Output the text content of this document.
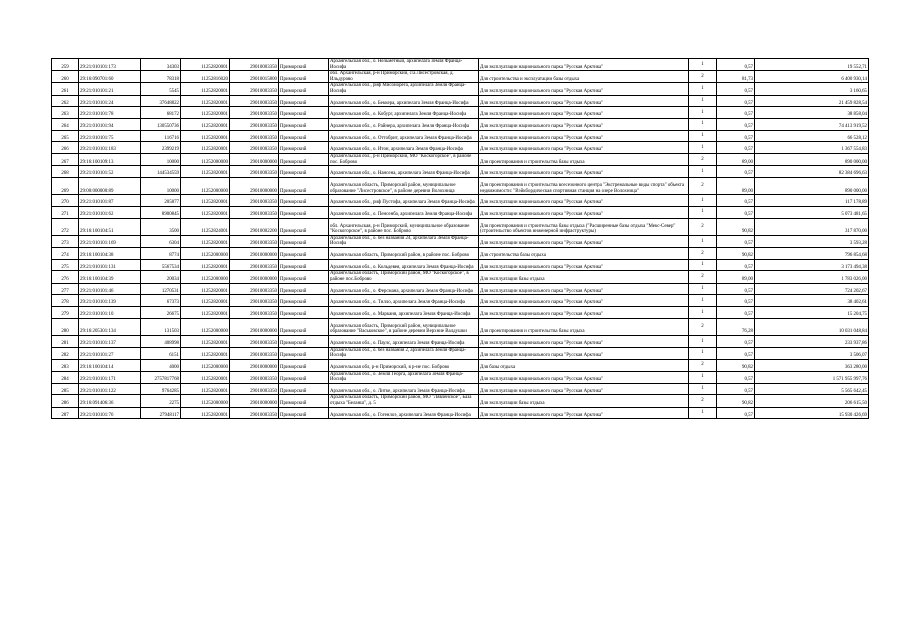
259	29:21:010101:173	34303	11252820001	29010003350	Приморский	Архангельская обл., о. Нельметный, архипелага Земля Франца-Иосифа	Для эксплуатации национального парка "Русская Арктика"	1	0,57	19 552,71
260	29:16:090701:60	78318	11252816020	29010015800	Приморский	обл. Архангельская, р-н Приморский, с/а Лисестровская, д. Ильдурово	Для строительства и эксплуатации базы отдыха	2	81,73	6 400 930,14
261	29:21:010101:21	5545	11252820001	29010003350	Приморский	Архангельская обл., риф Мисонорега, архипелага Земля Франца-Иосифа	Для эксплуатации национального парка "Русская Арктика"	1	0,57	3 160,65
262	29:21:010101:24	37648822	11252820001	29010003350	Приморский	Архангельская обл., о. Беккера, архипелага Земля Франца-Иосифа	Для эксплуатации национального парка "Русская Арктика"	1	0,57	21 459 828,54
263	29:21:010101:78	68172	11252820001	29010003350	Приморский	Архангельская обл., о. Кобург, архипелага Земля Франца-Иосифа	Для эксплуатации национального парка "Русская Арктика"	1	0,57	38 858,04
264	29:21:010101:94	130550736	11252820001	29010003350	Приморский	Архангельская обл., о. Райнера, архипелага Земля Франца-Иосифа	Для эксплуатации национального парка "Русская Арктика"	1	0,57	74 413 919,52
265	29:21:010101:75	116716	11252820001	29010003350	Приморский	Архангельская обл., о. Оттобрит, архипелага Земля Франца-Иосифа	Для эксплуатации национального парка "Русская Арктика"	1	0,57	66 528,12
266	29:21:010101:183	2399219	11252820001	29010003350	Приморский	Архангельская обл., о. Итон, архипелага Земля Франца-Иосифа	Для эксплуатации национального парка "Русская Арктика"	1	0,57	1 367 554,83
267	29:16:100109:13	10000	11252000000	29010000000	Приморский	Архангельская обл., р-н Приморский, МО "Коскогорское", в районе пос. Боброво	Для проектирования и строительства базы отдыха	2	89,00	890 000,00
268	29:21:010101:52	144534559	11252820001	29010003350	Приморский	Архангельская обл., о. Нансена, архипелага Земля Франца-Иосифа	Для эксплуатации национального парка "Русская Арктика"	1	0,57	82 384 696,63
269	29:00:000000:89	10000	11252000000	29010000000	Приморский	Архангельская область, Приморский район, муниципальное образование "Лисестровское", в районе деревни Волохница	Для проектирования и строительства всесезонного центра "Экстремальные виды спорта" объекта недвижимости: "Вэйкбордическая спортивная станция на озере Волохница"	2	89,00	890 000,00
270	29:21:010101:87	205877	11252820001	29010003350	Приморский	Архангельская обл., риф Пустофа, архипелага Земля Франца-Иосифа	Для эксплуатации национального парка "Русская Арктика"	1	0,57	117 178,89
271	29:21:010101:62	8900845	11252820001	29010003350	Приморский	Архангельская обл., о. Пенсенба, архипелага Земля Франца-Иосифа	Для эксплуатации национального парка "Русская Арктика"	1	0,57	5 073 481,65
272	29:16:100104:51	3500	11252824001	29010002200	Приморский	обл. Архангельская, р-н Приморский, муниципальное образование "Коскогорское", в районе пос. Боброво	Для проектирования и строительства базы отдыха ("Расширенные базы отдыха "Мекс-Север" (строительство объектов инженерной инфраструктуры)	2	90,82	317 870,00
273	29:21:010101:169	6304	11252820001	29010003350	Приморский	Архангельская обл., о. без названия 24, архипелага Земля Франца-Иосифа	Для эксплуатации национального парка "Русская Арктика"	1	0,57	3 593,28
274	29:16:100104:38	8774	11252000000	29010000000	Приморский	Архангельская область, Приморский район, в районе пос. Боброво	Для строительства базы отдыха	2	90,82	796 854,68
275	29:21:010101:131	5567534	11252820001	29010003350	Приморский	Архангельская обл., о. Кольдевея, архипелага Земля Франца-Иосифа	Для эксплуатации национального парка "Русская Арктика"	1	0,57	3 173 494,38
276	29:16:100104:39	20034	11252000000	29010000000	Приморский	Архангельская область, Приморский район, МО "Коскогорское", в районе пос.Боброво	Для эксплуатации базы отдыха	2	89,00	1 783 026,00
277	29:21:010101:46	1270531	11252820001	29010003350	Приморский	Архангельская обл., о. Ферсмана, архипелага Земля Франца-Иосифа	Для эксплуатации национального парка "Русская Арктика"	1	0,57	724 202,67
278	29:21:010101:139	67373	11252820001	29010003350	Приморский	Архангельская обл., о. Тилло, архипелага Земля Франца-Иосифа	Для эксплуатации национального парка "Русская Арктика"	1	0,57	38 402,61
279	29:21:010101:10	26675	11252820001	29010003350	Приморский	Архангельская обл., о. Марканя, архипелага Земля Франца-Иосифа	Для эксплуатации национального парка "Русская Арктика"	1	0,57	15 204,75
280	29:16:205301:134	131503	11252000000	29010000000	Приморский	Архангельская область, Приморский район, муниципальное образование "Васьковское", в районе деревни Верхние Валдушки	Для проектирования и строительства базы отдыха	2	76,28	10 031 048,84
281	29:21:010101:137	408998	11252820001	29010003350	Приморский	Архангельская обл., о. Паулс, архипелага Земля Франца-Иосифа	Для эксплуатации национального парка "Русская Арктика"	1	0,57	233 937,86
282	29:21:010101:27	6151	11252820001	29010003350	Приморский	Архангельская обл., о. без названия 2, архипелага Земля Франца-Иосифа	Для эксплуатации национального парка "Русская Арктика"	1	0,57	3 506,07
283	29:16:100104:14	4000	11252000000	29010000000	Приморский	Архангельская обл, р-н Приморский, в р-не пос. Боброво	Для базы отдыха	2	90,82	363 280,00
284	29:21:010101:171	2757817768	11252820001	29010003350	Приморский	Архангельская обл., о. Земля Георга, архипелага Земля Франца-Иосифа	Для эксплуатации национального парка "Русская Арктика"	1	0,57	1 571 955 997,76
285	29:21:010101:122	9764285	11252820001	29010003350	Приморский	Архангельская обл., о. Литке, архипелага Земля Франца-Иосифа	Для эксплуатации национального парка "Русская Арктика"	1	0,57	5 565 642,45
286	29:16:091406:36	2275	11252000000	29010000000	Приморский	Архангельская область, Приморский район, МО "Лявленское", База отдыха "Беланш", д. 5	Для эксплуатации базы отдыха	2	90,82	206 615,50
287	29:21:010101:76	27948117	11252820001	29010003350	Приморский	Архангельская обл., о. Гогенлоэ, архипелага Земля Франца-Иосифа	Для эксплуатации национального парка "Русская Арктика"	1	0,57	15 930 426,69
